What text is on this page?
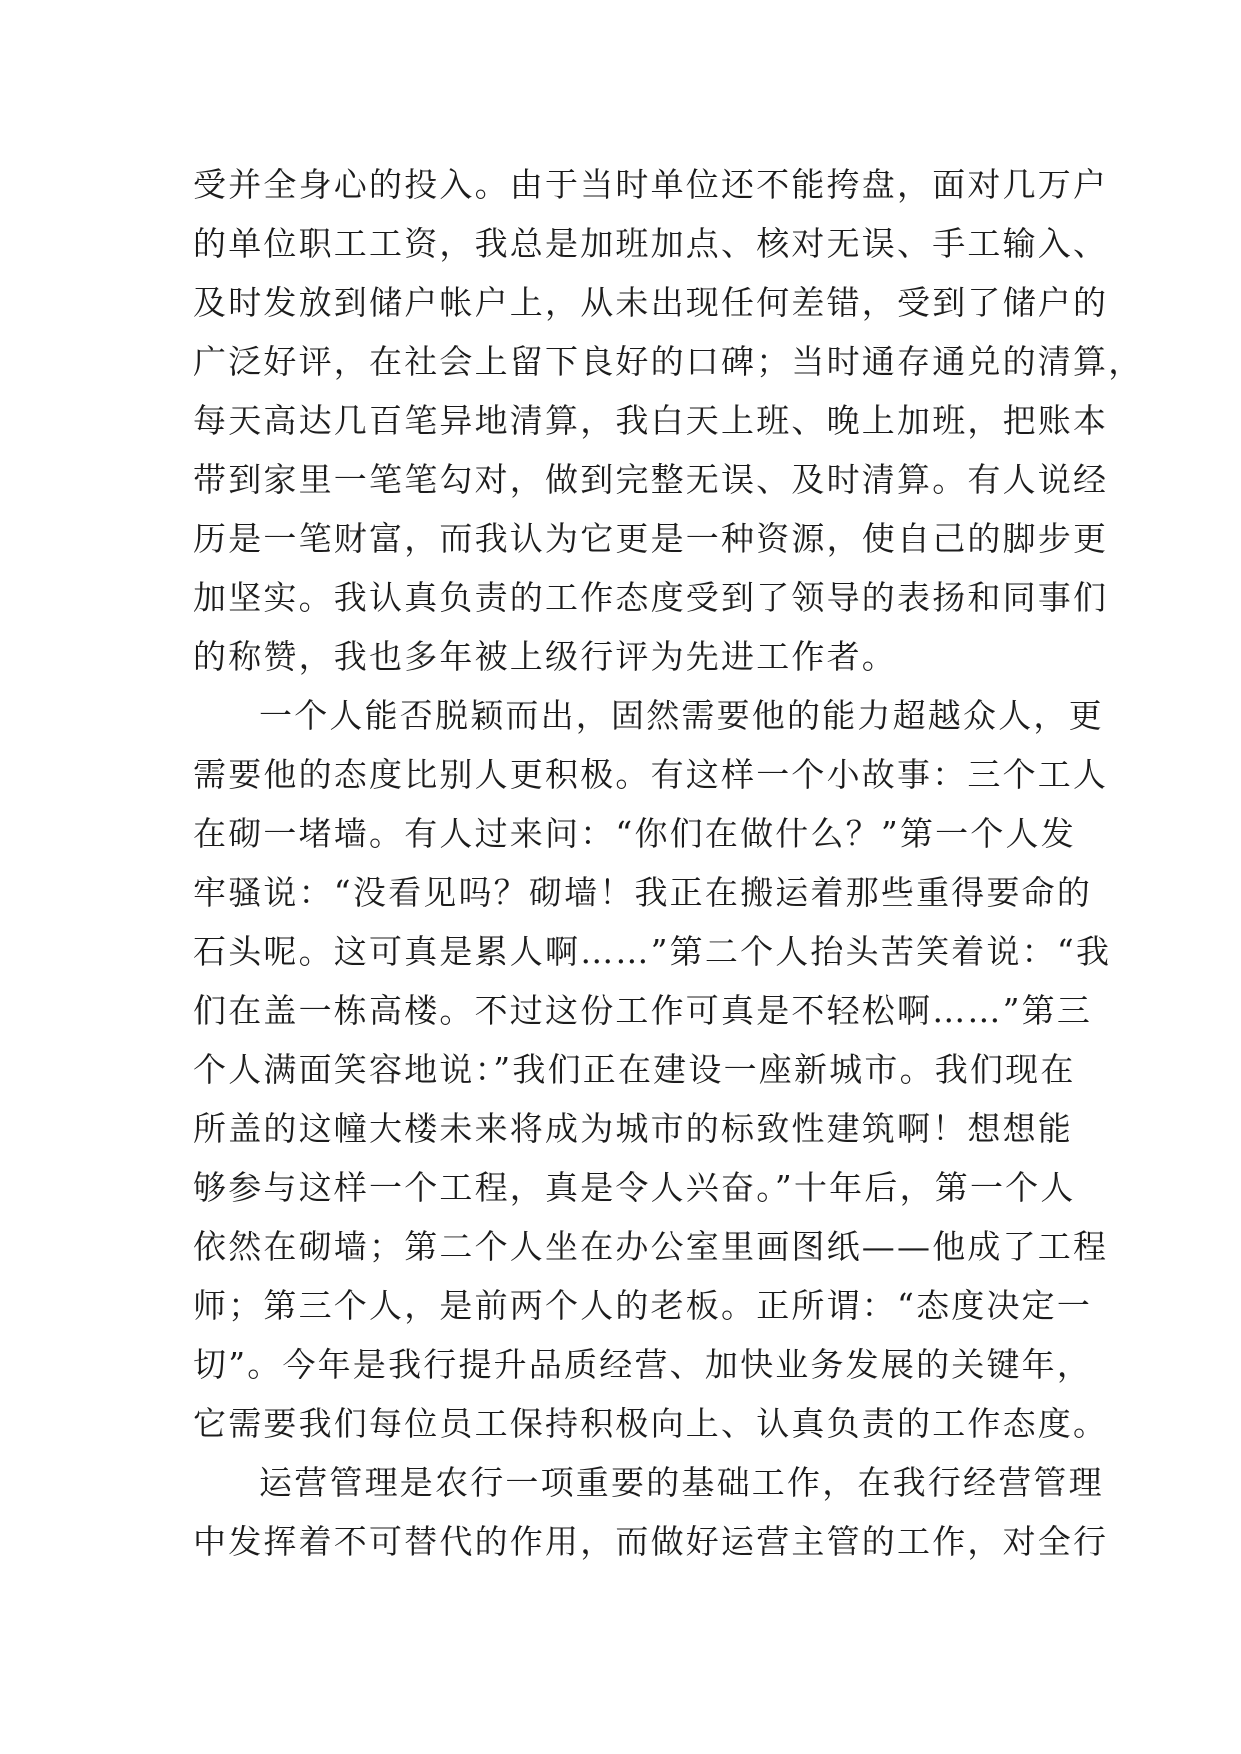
受并全身心的投入。由于当时单位还不能挎盘，面对几万户
的单位职工工资，我总是加班加点、核对无误、手工输入、
及时发放到储户帐户上，从未出现任何差错，受到了储户的
广泛好评，在社会上留下良好的口碑；当时通存通兑的清算，
每天高达几百笔异地清算，我白天上班、晚上加班，把账本
带到家里一笔笔勾对，做到完整无误、及时清算。有人说经
历是一笔财富，而我认为它更是一种资源，使自己的脚步更
加坚实。我认真负责的工作态度受到了领导的表扬和同事们
的称赞，我也多年被上级行评为先进工作者。
一个人能否脱颖而出，固然需要他的能力超越众人，更
需要他的态度比别人更积极。有这样一个小故事：三个工人
在砌一堵墙。有人过来问：“你们在做什么？”第一个人发
牢骚说：“没看见吗？砌墙！我正在搬运着那些重得要命的
石头呢。这可真是累人啊……”第二个人抬头苦笑着说：“我
们在盖一栋高楼。不过这份工作可真是不轻松啊……”第三
个人满面笑容地说：”我们正在建设一座新城市。我们现在
所盖的这幢大楼未来将成为城市的标致性建筑啊！想想能
够参与这样一个工程，真是令人兴奋。”十年后，第一个人
依然在砌墙；第二个人坐在办公室里画图纸——他成了工程
师；第三个人，是前两个人的老板。正所谓：“态度决定一
切”。今年是我行提升品质经营、加快业务发展的关键年，
它需要我们每位员工保持积极向上、认真负责的工作态度。
运营管理是农行一项重要的基础工作，在我行经营管理
中发挥着不可替代的作用，而做好运营主管的工作，对全行
